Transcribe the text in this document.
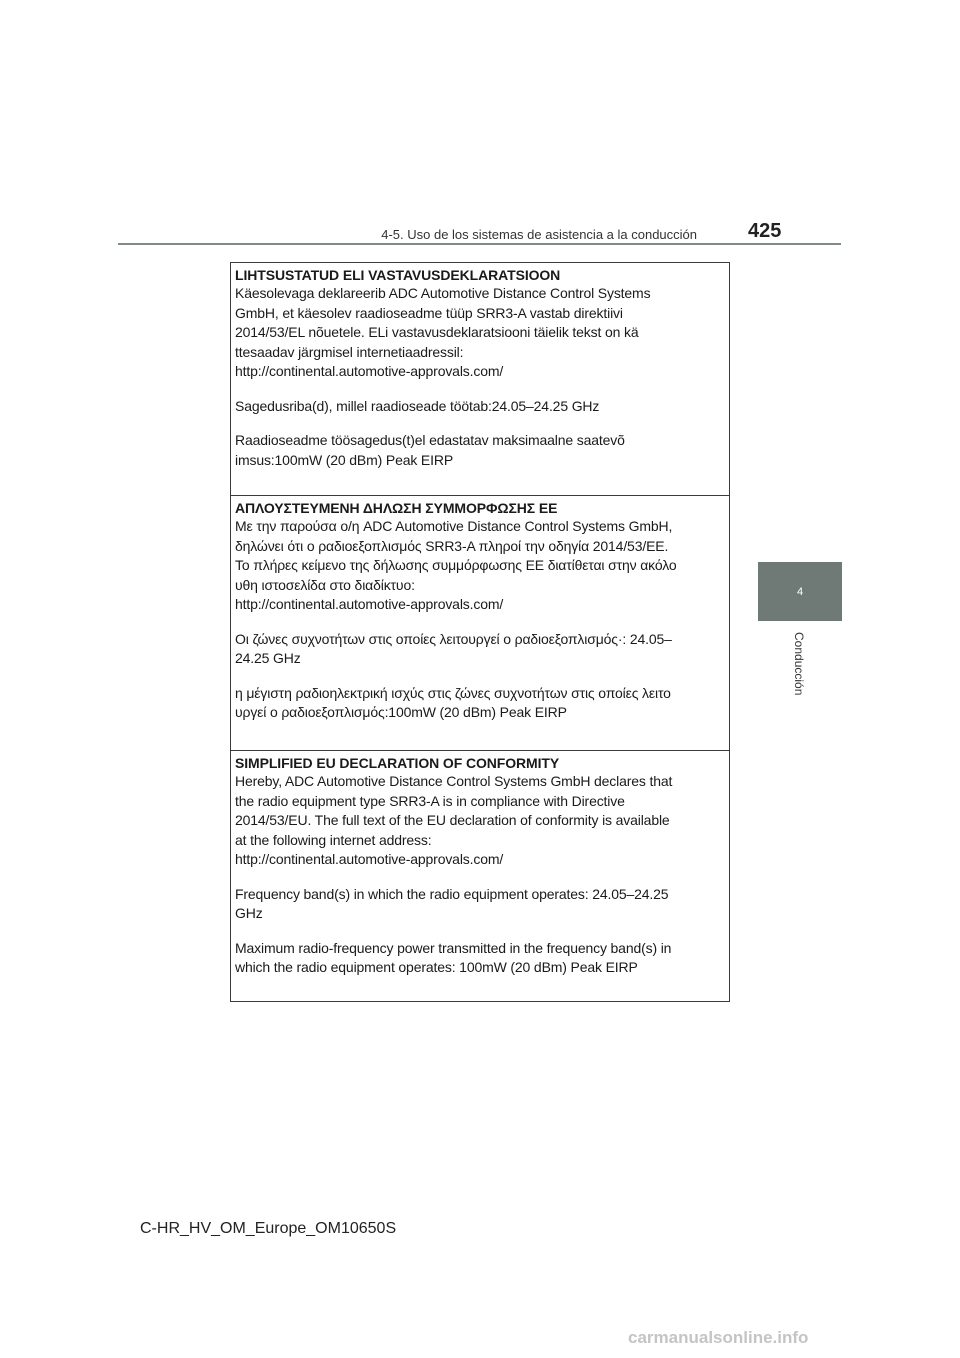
4-5. Uso de los sistemas de asistencia a la conducción	425
4
Conducción
LIHTSUSTATUD ELI VASTAVUSDEKLARATSIOON
Käesolevaga deklareerib ADC Automotive Distance Control Systems
GmbH, et käesolev raadioseadme tüüp SRR3-A vastab direktiivi
2014/53/EL nõuetele. ELi vastavusdeklaratsiooni täielik tekst on kä
ttesaadav järgmisel internetiaadressil:
http://continental.automotive-approvals.com/
Sagedusriba(d), millel raadioseade töötab:24.05–24.25 GHz
Raadioseadme töösagedus(t)el edastatav maksimaalne saatevõ
imsus:100mW (20 dBm) Peak EIRP
ΑΠΛΟΥΣΤΕΥΜΕΝΗ ΔΗΛΩΣΗ ΣΥΜΜΟΡΦΩΣΗΣ ΕΕ
Με την παρούσα ο/η ADC Automotive Distance Control Systems GmbH,
δηλώνει ότι ο ραδιοεξοπλισμός SRR3-A πληροί την οδηγία 2014/53/ΕΕ.
Το πλήρες κείμενο της δήλωσης συμμόρφωσης ΕΕ διατίθεται στην ακόλο
υθη ιστοσελίδα στο διαδίκτυο:
http://continental.automotive-approvals.com/
Οι ζώνες συχνοτήτων στις οποίες λειτουργεί ο ραδιοεξοπλισμός·: 24.05–
24.25 GHz
η μέγιστη ραδιοηλεκτρική ισχύς στις ζώνες συχνοτήτων στις οποίες λειτο
υργεί ο ραδιοεξοπλισμός:100mW (20 dBm) Peak EIRP
SIMPLIFIED EU DECLARATION OF CONFORMITY
Hereby, ADC Automotive Distance Control Systems GmbH declares that
the radio equipment type SRR3-A is in compliance with Directive
2014/53/EU. The full text of the EU declaration of conformity is available
at the following internet address:
http://continental.automotive-approvals.com/
Frequency band(s) in which the radio equipment operates: 24.05–24.25
GHz
Maximum radio-frequency power transmitted in the frequency band(s) in
which the radio equipment operates: 100mW (20 dBm) Peak EIRP
C-HR_HV_OM_Europe_OM10650S
carmanualsonline.info
